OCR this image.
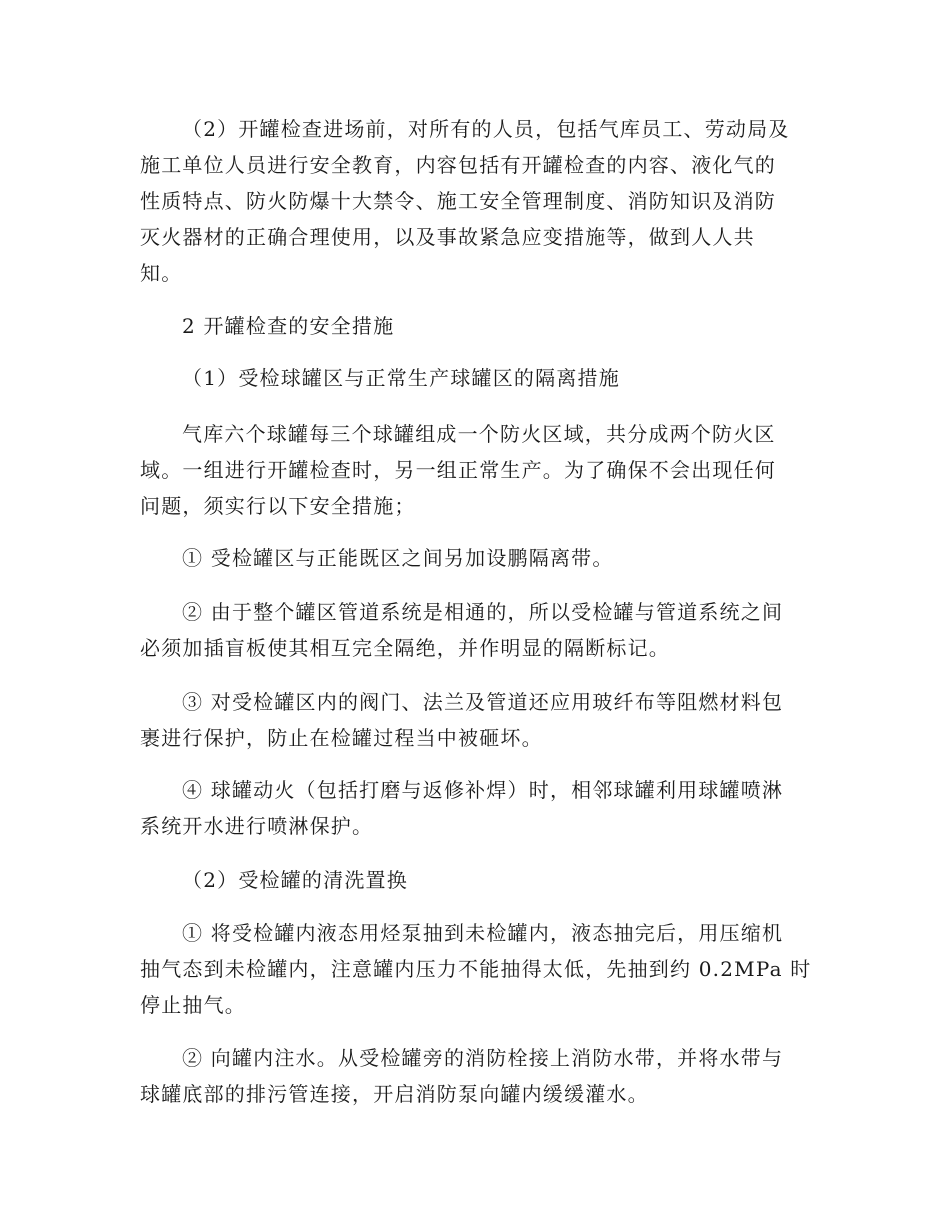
（2）开罐检查进场前，对所有的人员，包括气库员工、劳动局及
施工单位人员进行安全教育，内容包括有开罐检查的内容、液化气的
性质特点、防火防爆十大禁令、施工安全管理制度、消防知识及消防
灭火器材的正确合理使用，以及事故紧急应变措施等，做到人人共
知。

2 开罐检查的安全措施

（1）受检球罐区与正常生产球罐区的隔离措施

气库六个球罐每三个球罐组成一个防火区域，共分成两个防火区
域。一组进行开罐检查时，另一组正常生产。为了确保不会出现任何
问题，须实行以下安全措施；

① 受检罐区与正能既区之间另加设鹏隔离带。

② 由于整个罐区管道系统是相通的，所以受检罐与管道系统之间
必须加插盲板使其相互完全隔绝，并作明显的隔断标记。

③ 对受检罐区内的阀门、法兰及管道还应用玻纤布等阻燃材料包
裹进行保护，防止在检罐过程当中被砸坏。

④ 球罐动火（包括打磨与返修补焊）时，相邻球罐利用球罐喷淋
系统开水进行喷淋保护。

（2）受检罐的清洗置换

① 将受检罐内液态用烃泵抽到未检罐内，液态抽完后，用压缩机
抽气态到未检罐内，注意罐内压力不能抽得太低，先抽到约 0.2MPa 时
停止抽气。

② 向罐内注水。从受检罐旁的消防栓接上消防水带，并将水带与
球罐底部的排污管连接，开启消防泵向罐内缓缓灌水。
